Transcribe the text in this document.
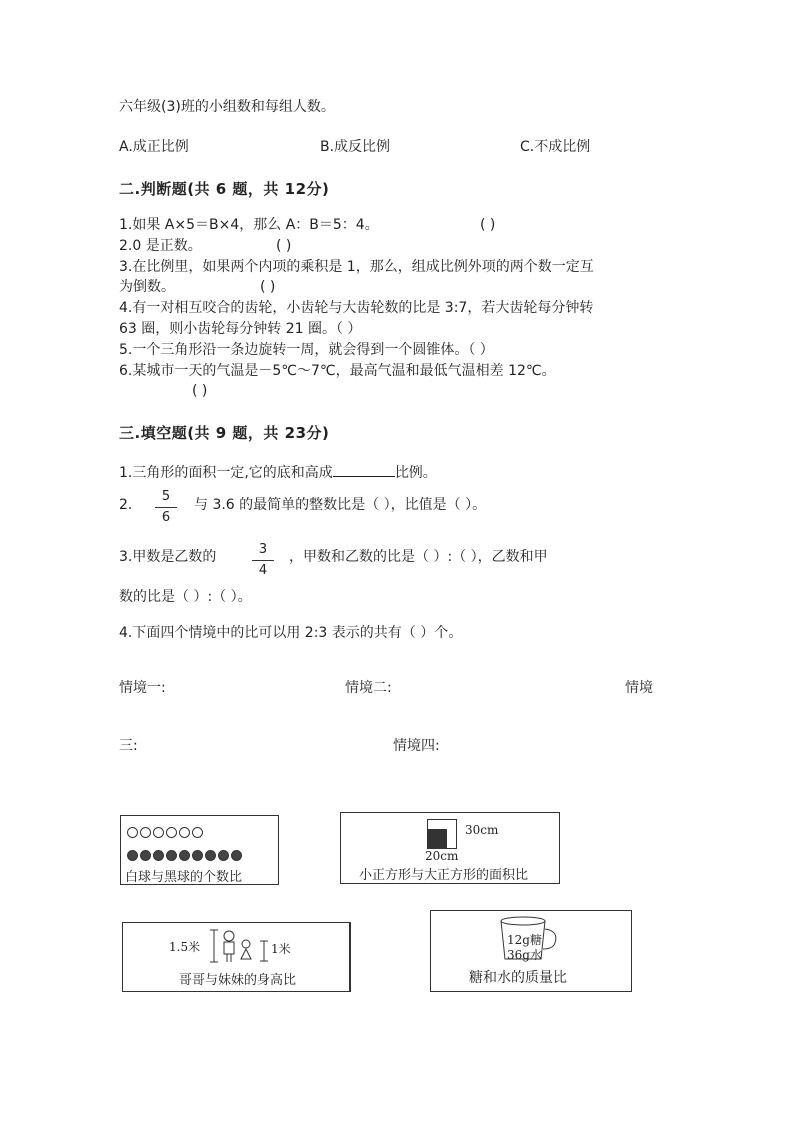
六年级(3)班的小组数和每组人数。
A.成正比例	B.成反比例	C.不成比例
二.判断题(共 6 题，共 12分)
1.如果 A×5＝B×4，那么 A：B＝5：4。	( )
2.0 是正数。	( )
3.在比例里，如果两个内项的乘积是 1，那么，组成比例外项的两个数一定互
为倒数。	( )
4.有一对相互咬合的齿轮，小齿轮与大齿轮数的比是 3:7，若大齿轮每分钟转
63 圈，则小齿轮每分钟转 21 圈。（ ）
5.一个三角形沿一条边旋转一周，就会得到一个圆锥体。（ ）
6.某城市一天的气温是－5℃～7℃，最高气温和最低气温相差 12℃。
( )
三.填空题(共 9 题，共 23分)
1.三角形的面积一定,它的底和高成	比例。
2.
5
6
与 3.6 的最简单的整数比是（ ），比值是（ ）。
3.甲数是乙数的	3
4
，甲数和乙数的比是（ ）:（ ），乙数和甲
数的比是（ ）:（ ）。
4.下面四个情境中的比可以用 2:3 表示的共有（ ）个。
情境一:	情境二:	情境
三:	情境四:
白球与黑球的个数比
30cm
20cm
小正方形与大正方形的面积比
1.5米	1米
哥哥与妹妹的身高比
12g糖
36g水
糖和水的质量比
